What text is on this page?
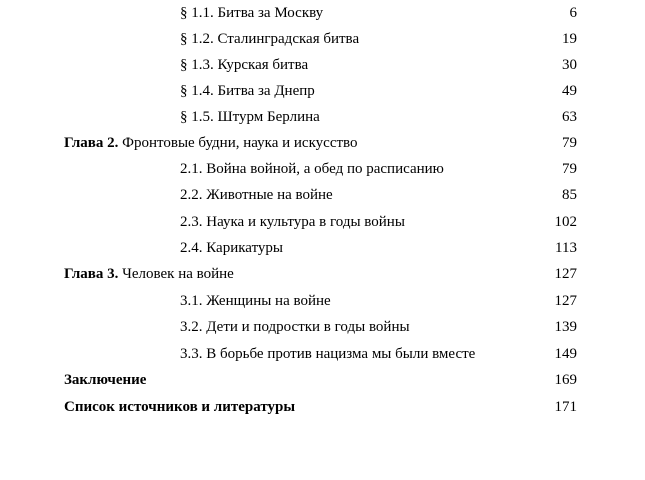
§ 1.1. Битва за Москву	6
§ 1.2. Сталинградская битва	19
§ 1.3. Курская битва	30
§ 1.4. Битва за Днепр	49
§ 1.5. Штурм Берлина	63
Глава 2. Фронтовые будни, наука и искусство	79
2.1. Война войной, а обед по расписанию	79
2.2. Животные на войне	85
2.3. Наука и культура в годы войны	102
2.4. Карикатуры	113
Глава 3. Человек на войне	127
3.1. Женщины на войне	127
3.2. Дети и подростки в годы войны	139
3.3. В борьбе против нацизма мы были вместе	149
Заключение	169
Список источников и литературы	171
